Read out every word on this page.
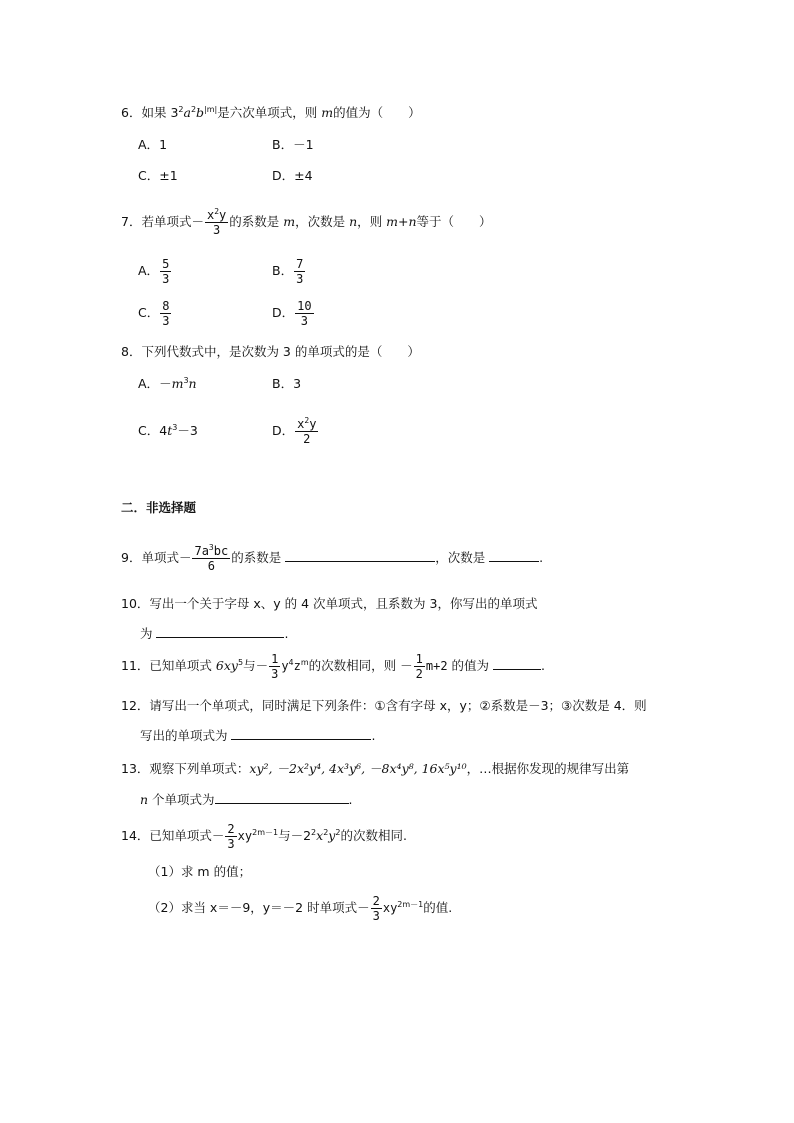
6．如果 $3^2a^2b^{|m|}$是六次单项式，则 m的值为（　　）
A．1	B．－1
C．±1	D．±4
7．若单项式－ $\frac{x^2y}{3}$ 的系数是 m，次数是 n，则 m+n等于（　　）
A． $\frac{5}{3}$	B． $\frac{7}{3}$
C． $\frac{8}{3}$	D． $\frac{10}{3}$
8．下列代数式中，是次数为 3 的单项式的是（　　）
A．$-m^3n$	B．3
C．$4t^3-3$	D． $\frac{x^2y}{2}$
二．非选择题
9．单项式－ $\frac{7a^3bc}{6}$ 的系数是	，次数是	.
10．写出一个关于字母 x、y 的 4 次单项式，且系数为 3，你写出的单项式
为	.
11．已知单项式 $6xy^5$与－ $\frac{1}{3} y^4z^m$的次数相同，则 － $\frac{1}{2} m+2$ 的值为	.
12．请写出一个单项式，同时满足下列条件：①含有字母 x，y；②系数是－3；③次数是 4．则
写出的单项式为	.
13．观察下列单项式：xy², －2x²y⁴, 4x³y⁶, －8x⁴y⁸, 16x⁵y¹⁰，…根据你发现的规律写出第
n 个单项式为	.
14．已知单项式－ $\frac{2}{3} xy^{2m-1}$与$-2^2x^2y^2$的次数相同.
（1）求 m 的值；
（2）求当 x＝－9，y＝－2 时单项式－ $\frac{2}{3} xy^{2m-1}$的值.
